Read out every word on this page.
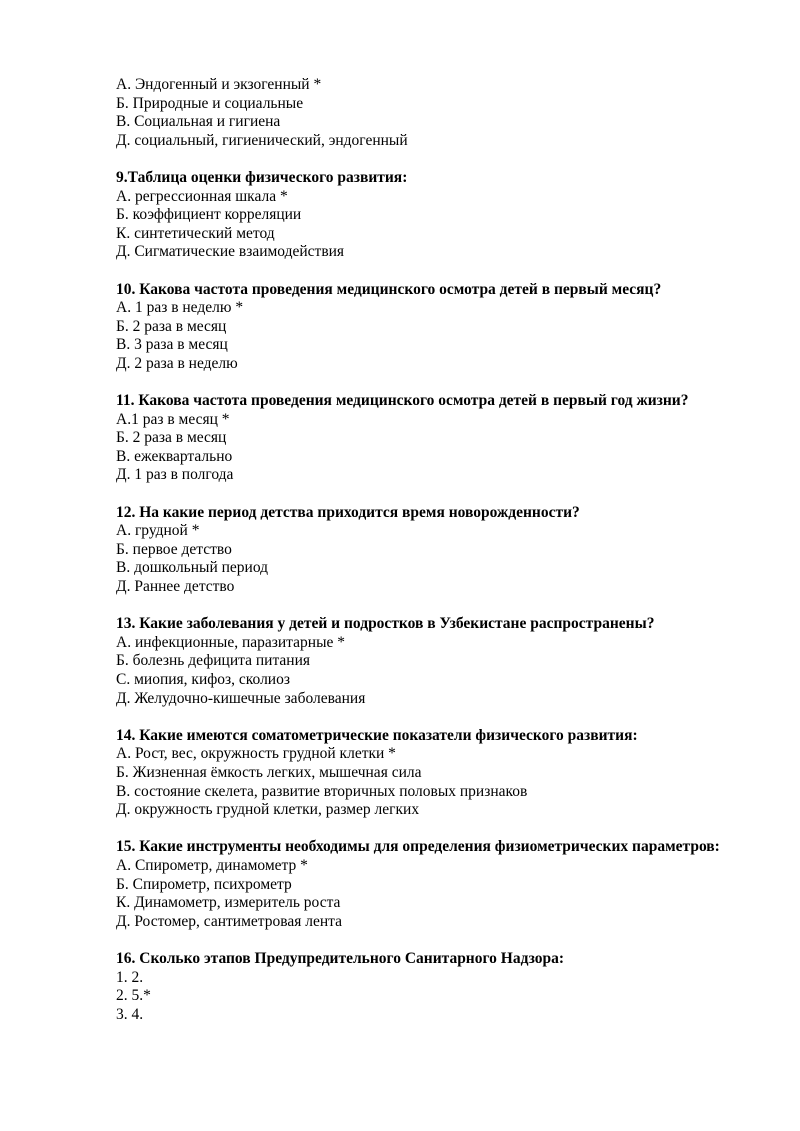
А. Эндогенный и экзогенный *
Б. Природные и социальные
В. Социальная и гигиена
Д. социальный, гигиенический, эндогенный
9.Таблица оценки физического развития:
А. регрессионная шкала *
Б. коэффициент корреляции
К. синтетический метод
Д. Сигматические взаимодействия
10. Какова частота проведения медицинского осмотра детей в первый месяц?
А. 1 раз в неделю *
Б. 2 раза в месяц
В. 3 раза в месяц
Д. 2 раза в неделю
11. Какова частота проведения медицинского осмотра детей в первый год жизни?
А.1 раз в месяц *
Б. 2 раза в месяц
В. ежеквартально
Д. 1 раз в полгода
12. На какие период детства приходится время новорожденности?
А. грудной *
Б. первое детство
В. дошкольный период
Д. Раннее детство
13. Какие заболевания у детей и подростков в Узбекистане распространены?
А. инфекционные, паразитарные *
Б. болезнь дефицита питания
С. миопия, кифоз, сколиоз
Д. Желудочно-кишечные заболевания
14. Какие имеются соматометрические показатели физического развития:
А. Рост, вес, окружность грудной клетки *
Б. Жизненная ёмкость легких, мышечная сила
В. состояние скелета, развитие вторичных половых признаков
Д. окружность грудной клетки, размер легких
15. Какие инструменты необходимы для определения физиометрических параметров:
А. Спирометр, динамометр *
Б. Спирометр, психрометр
К. Динамометр, измеритель роста
Д. Ростомер, сантиметровая лента
16. Сколько этапов Предупредительного Санитарного Надзора:
1. 2.
2. 5.*
3. 4.
